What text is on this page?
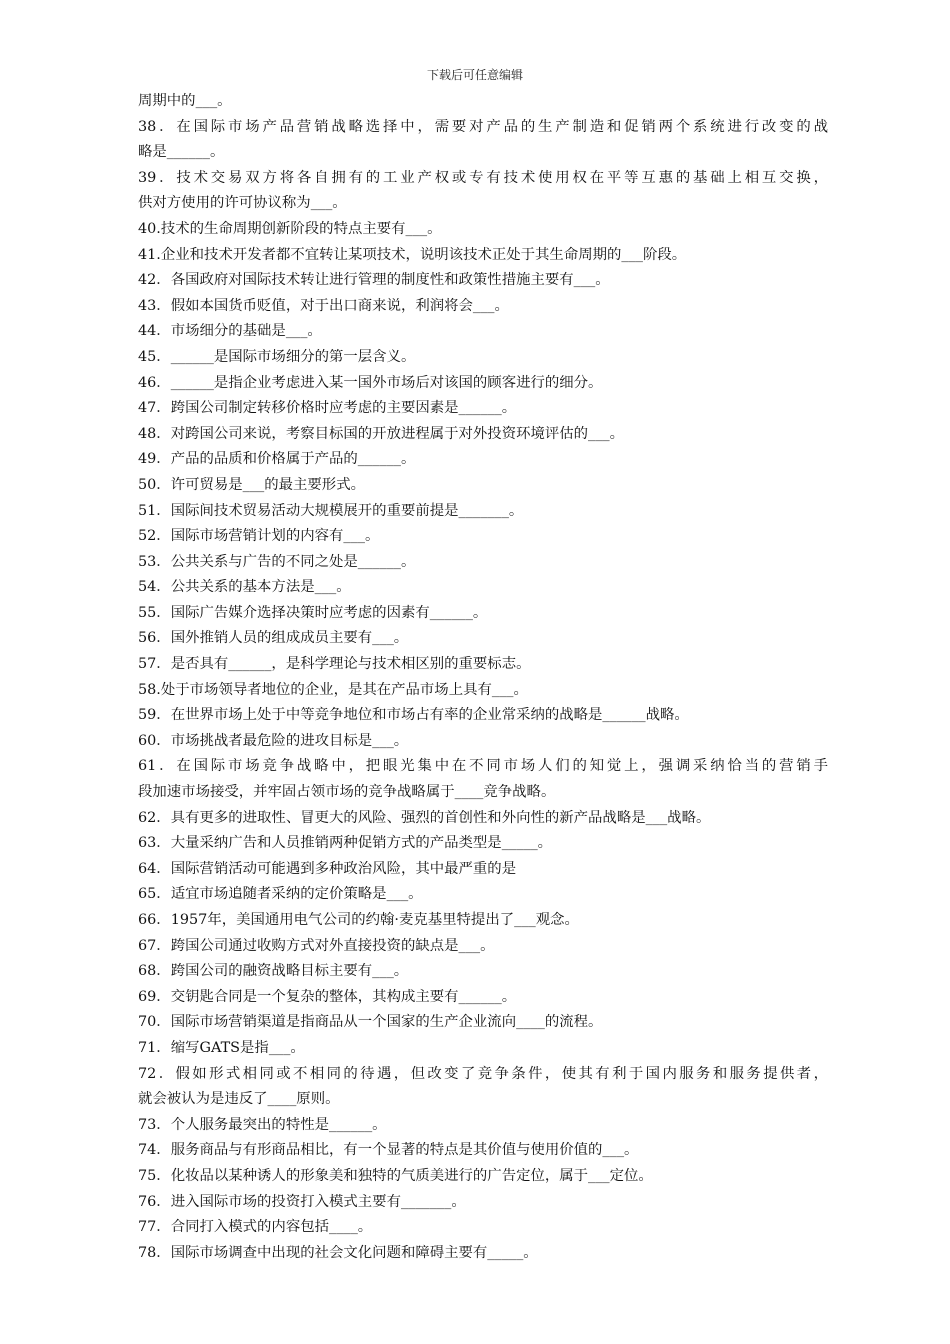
下载后可任意编辑
周期中的___。
38．在国际市场产品营销战略选择中，需要对产品的生产制造和促销两个系统进行改变的战
略是______。
39．技术交易双方将各自拥有的工业产权或专有技术使用权在平等互惠的基础上相互交换，
供对方使用的许可协议称为___。
40.技术的生命周期创新阶段的特点主要有___。
41.企业和技术开发者都不宜转让某项技术，说明该技术正处于其生命周期的___阶段。
42．各国政府对国际技术转让进行管理的制度性和政策性措施主要有___。
43．假如本国货币贬值，对于出口商来说，利润将会___。
44．市场细分的基础是___。
45．______是国际市场细分的第一层含义。
46．______是指企业考虑进入某一国外市场后对该国的顾客进行的细分。
47．跨国公司制定转移价格时应考虑的主要因素是______。
48．对跨国公司来说，考察目标国的开放进程属于对外投资环境评估的___。
49．产品的品质和价格属于产品的______。
50．许可贸易是___的最主要形式。
51．国际间技术贸易活动大规模展开的重要前提是_______。
52．国际市场营销计划的内容有___。
53．公共关系与广告的不同之处是______。
54．公共关系的基本方法是___。
55．国际广告媒介选择决策时应考虑的因素有______。
56．国外推销人员的组成成员主要有___。
57．是否具有______，是科学理论与技术相区别的重要标志。
58.处于市场领导者地位的企业，是其在产品市场上具有___。
59．在世界市场上处于中等竞争地位和市场占有率的企业常采纳的战略是______战略。
60．市场挑战者最危险的进攻目标是___。
61．在国际市场竞争战略中，把眼光集中在不同市场人们的知觉上，强调采纳恰当的营销手
段加速市场接受，并牢固占领市场的竞争战略属于____竞争战略。
62．具有更多的进取性、冒更大的风险、强烈的首创性和外向性的新产品战略是___战略。
63．大量采纳广告和人员推销两种促销方式的产品类型是_____。
64．国际营销活动可能遇到多种政治风险，其中最严重的是
65．适宜市场追随者采纳的定价策略是___。
66．1957年，美国通用电气公司的约翰·麦克基里特提出了___观念。
67．跨国公司通过收购方式对外直接投资的缺点是___。
68．跨国公司的融资战略目标主要有___。
69．交钥匙合同是一个复杂的整体，其构成主要有______。
70．国际市场营销渠道是指商品从一个国家的生产企业流向____的流程。
71．缩写GATS是指___。
72．假如形式相同或不相同的待遇，但改变了竞争条件，使其有利于国内服务和服务提供者，
就会被认为是违反了____原则。
73．个人服务最突出的特性是______。
74．服务商品与有形商品相比，有一个显著的特点是其价值与使用价值的___。
75．化妆品以某种诱人的形象美和独特的气质美进行的广告定位，属于___定位。
76．进入国际市场的投资打入模式主要有_______。
77．合同打入模式的内容包括____。
78．国际市场调查中出现的社会文化问题和障碍主要有_____。
